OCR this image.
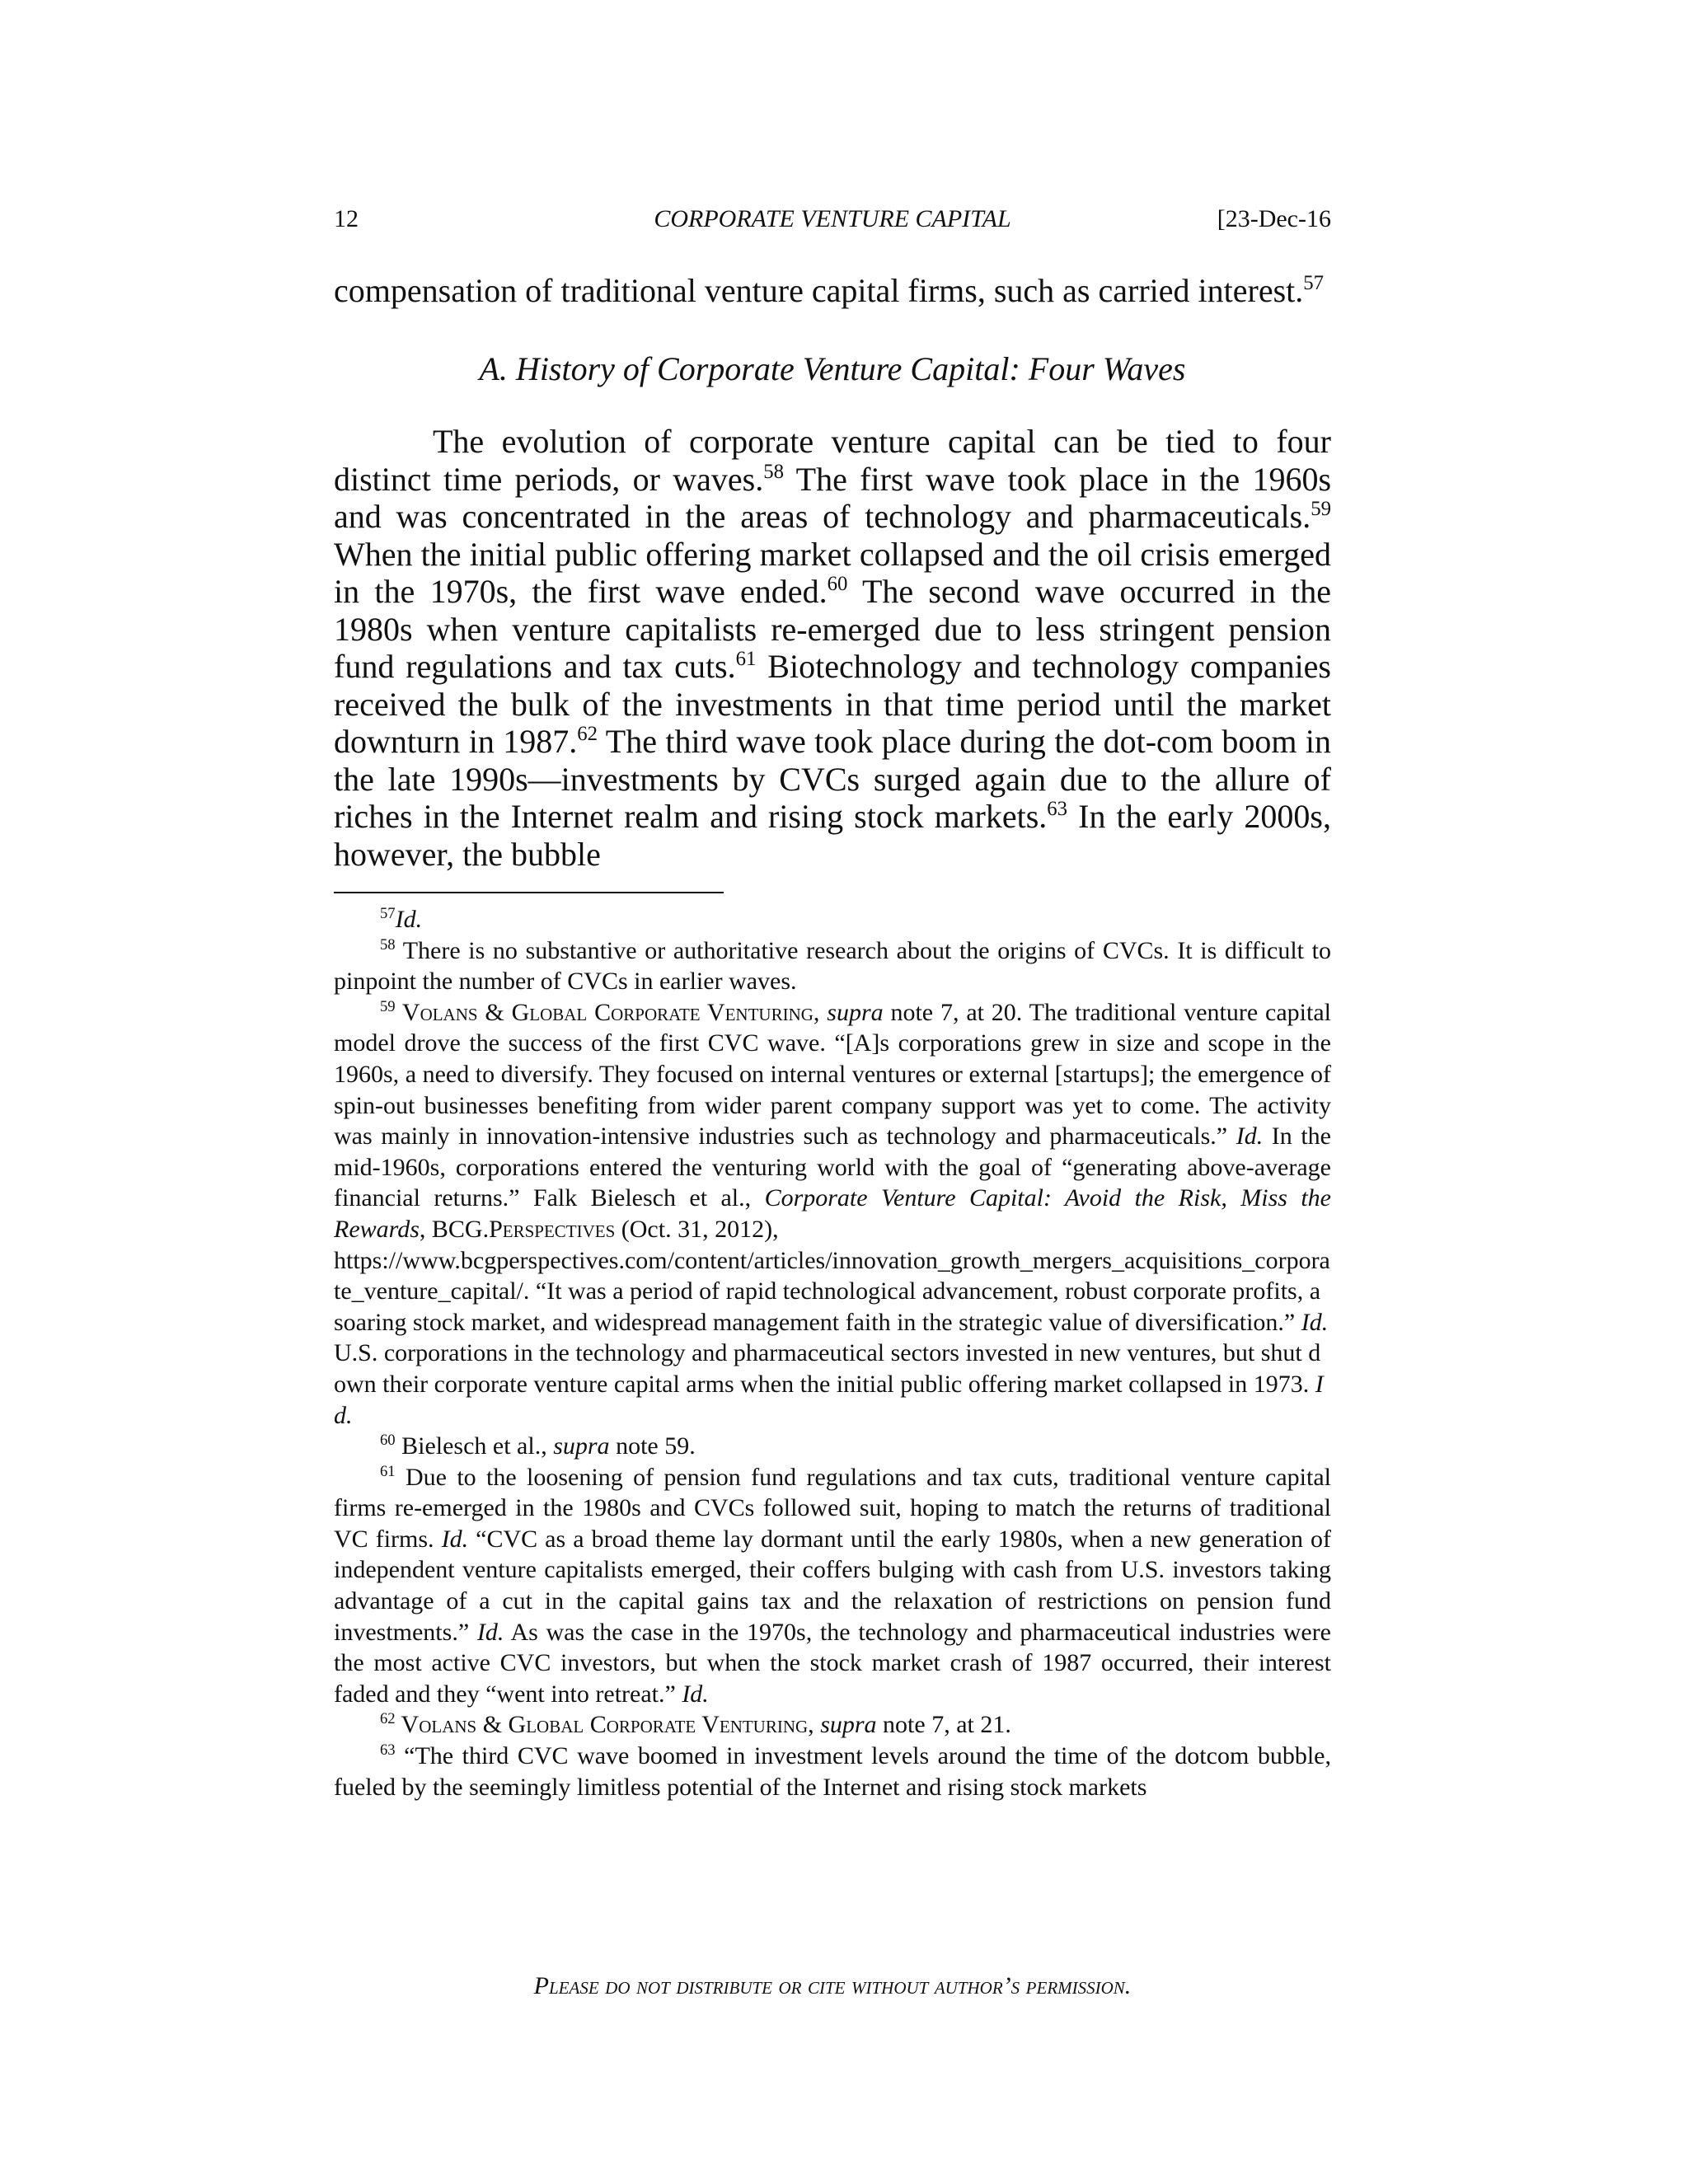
12	CORPORATE VENTURE CAPITAL	[23-Dec-16
compensation of traditional venture capital firms, such as carried interest.$^{57}$
A. History of Corporate Venture Capital: Four Waves

The evolution of corporate venture capital can be tied to four distinct time periods, or waves.$^{58}$ The first wave took place in the 1960s and was concentrated in the areas of technology and pharmaceuticals.$^{59}$ When the initial public offering market collapsed and the oil crisis emerged in the 1970s, the first wave ended.$^{60}$ The second wave occurred in the 1980s when venture capitalists re-emerged due to less stringent pension fund regulations and tax cuts.$^{61}$ Biotechnology and technology companies received the bulk of the investments in that time period until the market downturn in 1987.62 The third wave took place during the dot-com boom in the late 1990s—investments by CVCs surged again due to the allure of riches in the Internet realm and rising stock markets.$^{63}$ In the early 2000s, however, the bubble

$^{57}$Id.

$^{58}$ There is no substantive or authoritative research about the origins of CVCs. It is difficult to pinpoint the number of CVCs in earlier waves.

$^{59}$ Volans & Global Corporate Venturing, supra note 7, at 20. The traditional venture capital model drove the success of the first CVC wave. “[A]s corporations grew in size and scope in the 1960s, a need to diversify. They focused on internal ventures or external [startups]; the emergence of spin-out businesses benefiting from wider parent company support was yet to come. The activity was mainly in innovation-intensive industries such as technology and pharmaceuticals.” Id. In the mid-1960s, corporations entered the venturing world with the goal of “generating above-average financial returns.” Falk Bielesch et al., Corporate Venture Capital: Avoid the Risk, Miss the Rewards, BCG.Perspectives (Oct. 31, 2012),

https://www.bcgperspectives.com/content/articles/innovation_growth_mergers_acquisitions_corporate_venture_capital/. “It was a period of rapid technological advancement, robust corporate profits, a soaring stock market, and widespread management faith in the strategic value of diversification.” Id. U.S. corporations in the technology and pharmaceutical sectors invested in new ventures, but shut down their corporate venture capital arms when the initial public offering market collapsed in 1973. Id.

$^{60}$ Bielesch et al., supra note 59.

$^{61}$ Due to the loosening of pension fund regulations and tax cuts, traditional venture capital firms re-emerged in the 1980s and CVCs followed suit, hoping to match the returns of traditional VC firms. Id. “CVC as a broad theme lay dormant until the early 1980s, when a new generation of independent venture capitalists emerged, their coffers bulging with cash from U.S. investors taking advantage of a cut in the capital gains tax and the relaxation of restrictions on pension fund investments.” Id. As was the case in the 1970s, the technology and pharmaceutical industries were the most active CVC investors, but when the stock market crash of 1987 occurred, their interest faded and they “went into retreat.” Id.

$^{62}$ Volans & Global Corporate Venturing, supra note 7, at 21.

$^{63}$ “The third CVC wave boomed in investment levels around the time of the dotcom bubble, fueled by the seemingly limitless potential of the Internet and rising stock markets

Please do not distribute or cite without author’s permission.
